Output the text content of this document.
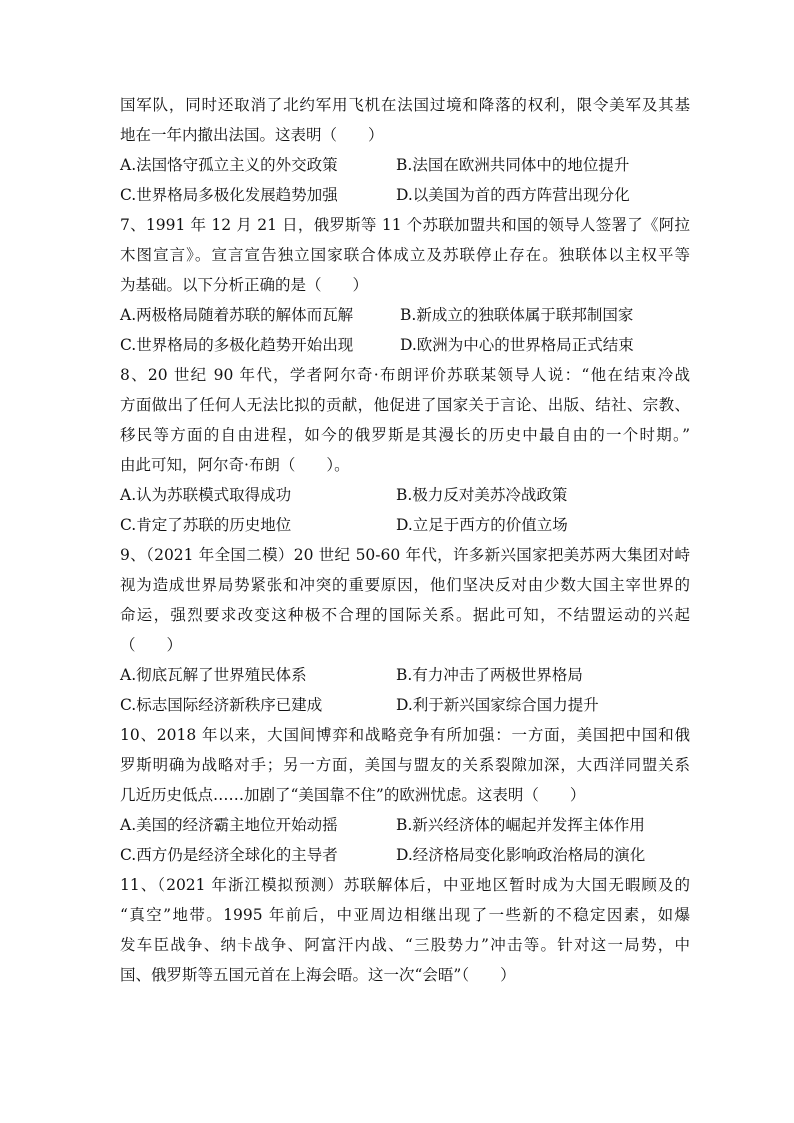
国军队，同时还取消了北约军用飞机在法国过境和降落的权利，限令美军及其基
地在一年内撤出法国。这表明（　　）
A.法国恪守孤立主义的外交政策	B.法国在欧洲共同体中的地位提升
C.世界格局多极化发展趋势加强	D.以美国为首的西方阵营出现分化
7、1991 年 12 月 21 日，俄罗斯等 11 个苏联加盟共和国的领导人签署了《阿拉
木图宣言》。宣言宣告独立国家联合体成立及苏联停止存在。独联体以主权平等
为基础。以下分析正确的是（　　）
A.两极格局随着苏联的解体而瓦解	B.新成立的独联体属于联邦制国家
C.世界格局的多极化趋势开始出现	D.欧洲为中心的世界格局正式结束
8、20 世纪 90 年代，学者阿尔奇·布朗评价苏联某领导人说：“他在结束冷战
方面做出了任何人无法比拟的贡献，他促进了国家关于言论、出版、结社、宗教、
移民等方面的自由进程，如今的俄罗斯是其漫长的历史中最自由的一个时期。”
由此可知，阿尔奇·布朗（　　）。
A.认为苏联模式取得成功	B.极力反对美苏冷战政策
C.肯定了苏联的历史地位	D.立足于西方的价值立场
9、（2021 年全国二模）20 世纪 50-60 年代，许多新兴国家把美苏两大集团对峙
视为造成世界局势紧张和冲突的重要原因，他们坚决反对由少数大国主宰世界的
命运，强烈要求改变这种极不合理的国际关系。据此可知，不结盟运动的兴起
（　　）
A.彻底瓦解了世界殖民体系	B.有力冲击了两极世界格局
C.标志国际经济新秩序已建成	D.利于新兴国家综合国力提升
10、2018 年以来，大国间博弈和战略竞争有所加强：一方面，美国把中国和俄
罗斯明确为战略对手；另一方面，美国与盟友的关系裂隙加深，大西洋同盟关系
几近历史低点……加剧了“美国靠不住”的欧洲忧虑。这表明（　　）
A.美国的经济霸主地位开始动摇	B.新兴经济体的崛起并发挥主体作用
C.西方仍是经济全球化的主导者	D.经济格局变化影响政治格局的演化
11、（2021 年浙江模拟预测）苏联解体后，中亚地区暂时成为大国无暇顾及的
“真空”地带。1995 年前后，中亚周边相继出现了一些新的不稳定因素，如爆
发车臣战争、纳卡战争、阿富汗内战、“三股势力”冲击等。针对这一局势，中
国、俄罗斯等五国元首在上海会晤。这一次“会晤”（　　）
